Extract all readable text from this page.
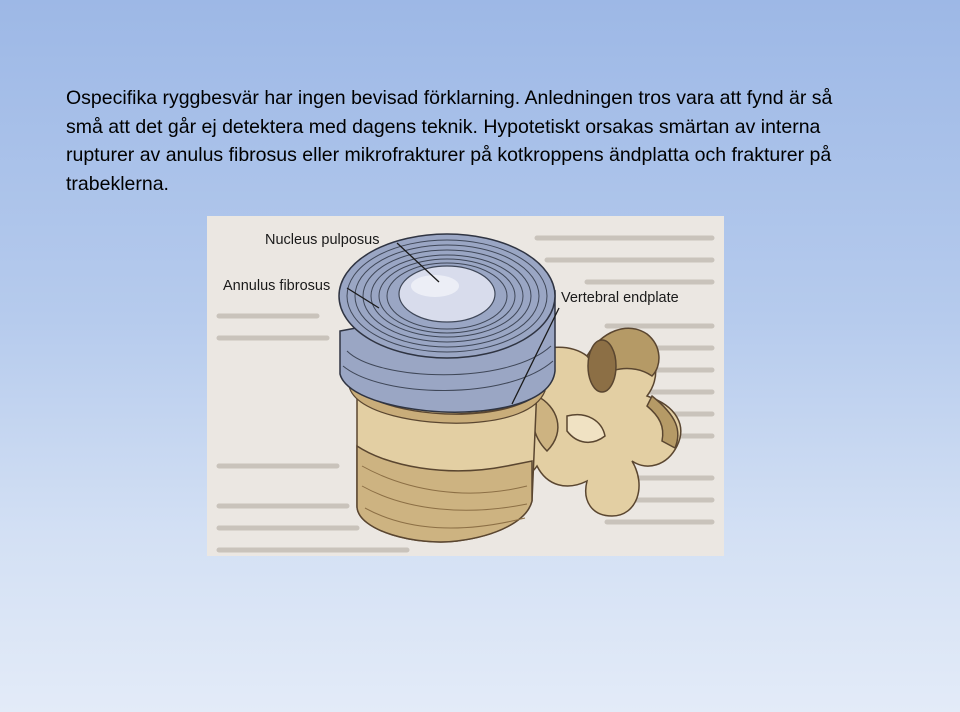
Ospecifika ryggbesvär har ingen bevisad förklarning. Anledningen tros vara att fynd är så små att det går ej detektera med dagens teknik. Hypotetiskt orsakas smärtan av interna rupturer av anulus fibrosus eller mikrofrakturer på kotkroppens ändplatta och frakturer på trabeklerna.

Nucleus pulposus
Annulus fibrosus
Vertebral endplate
